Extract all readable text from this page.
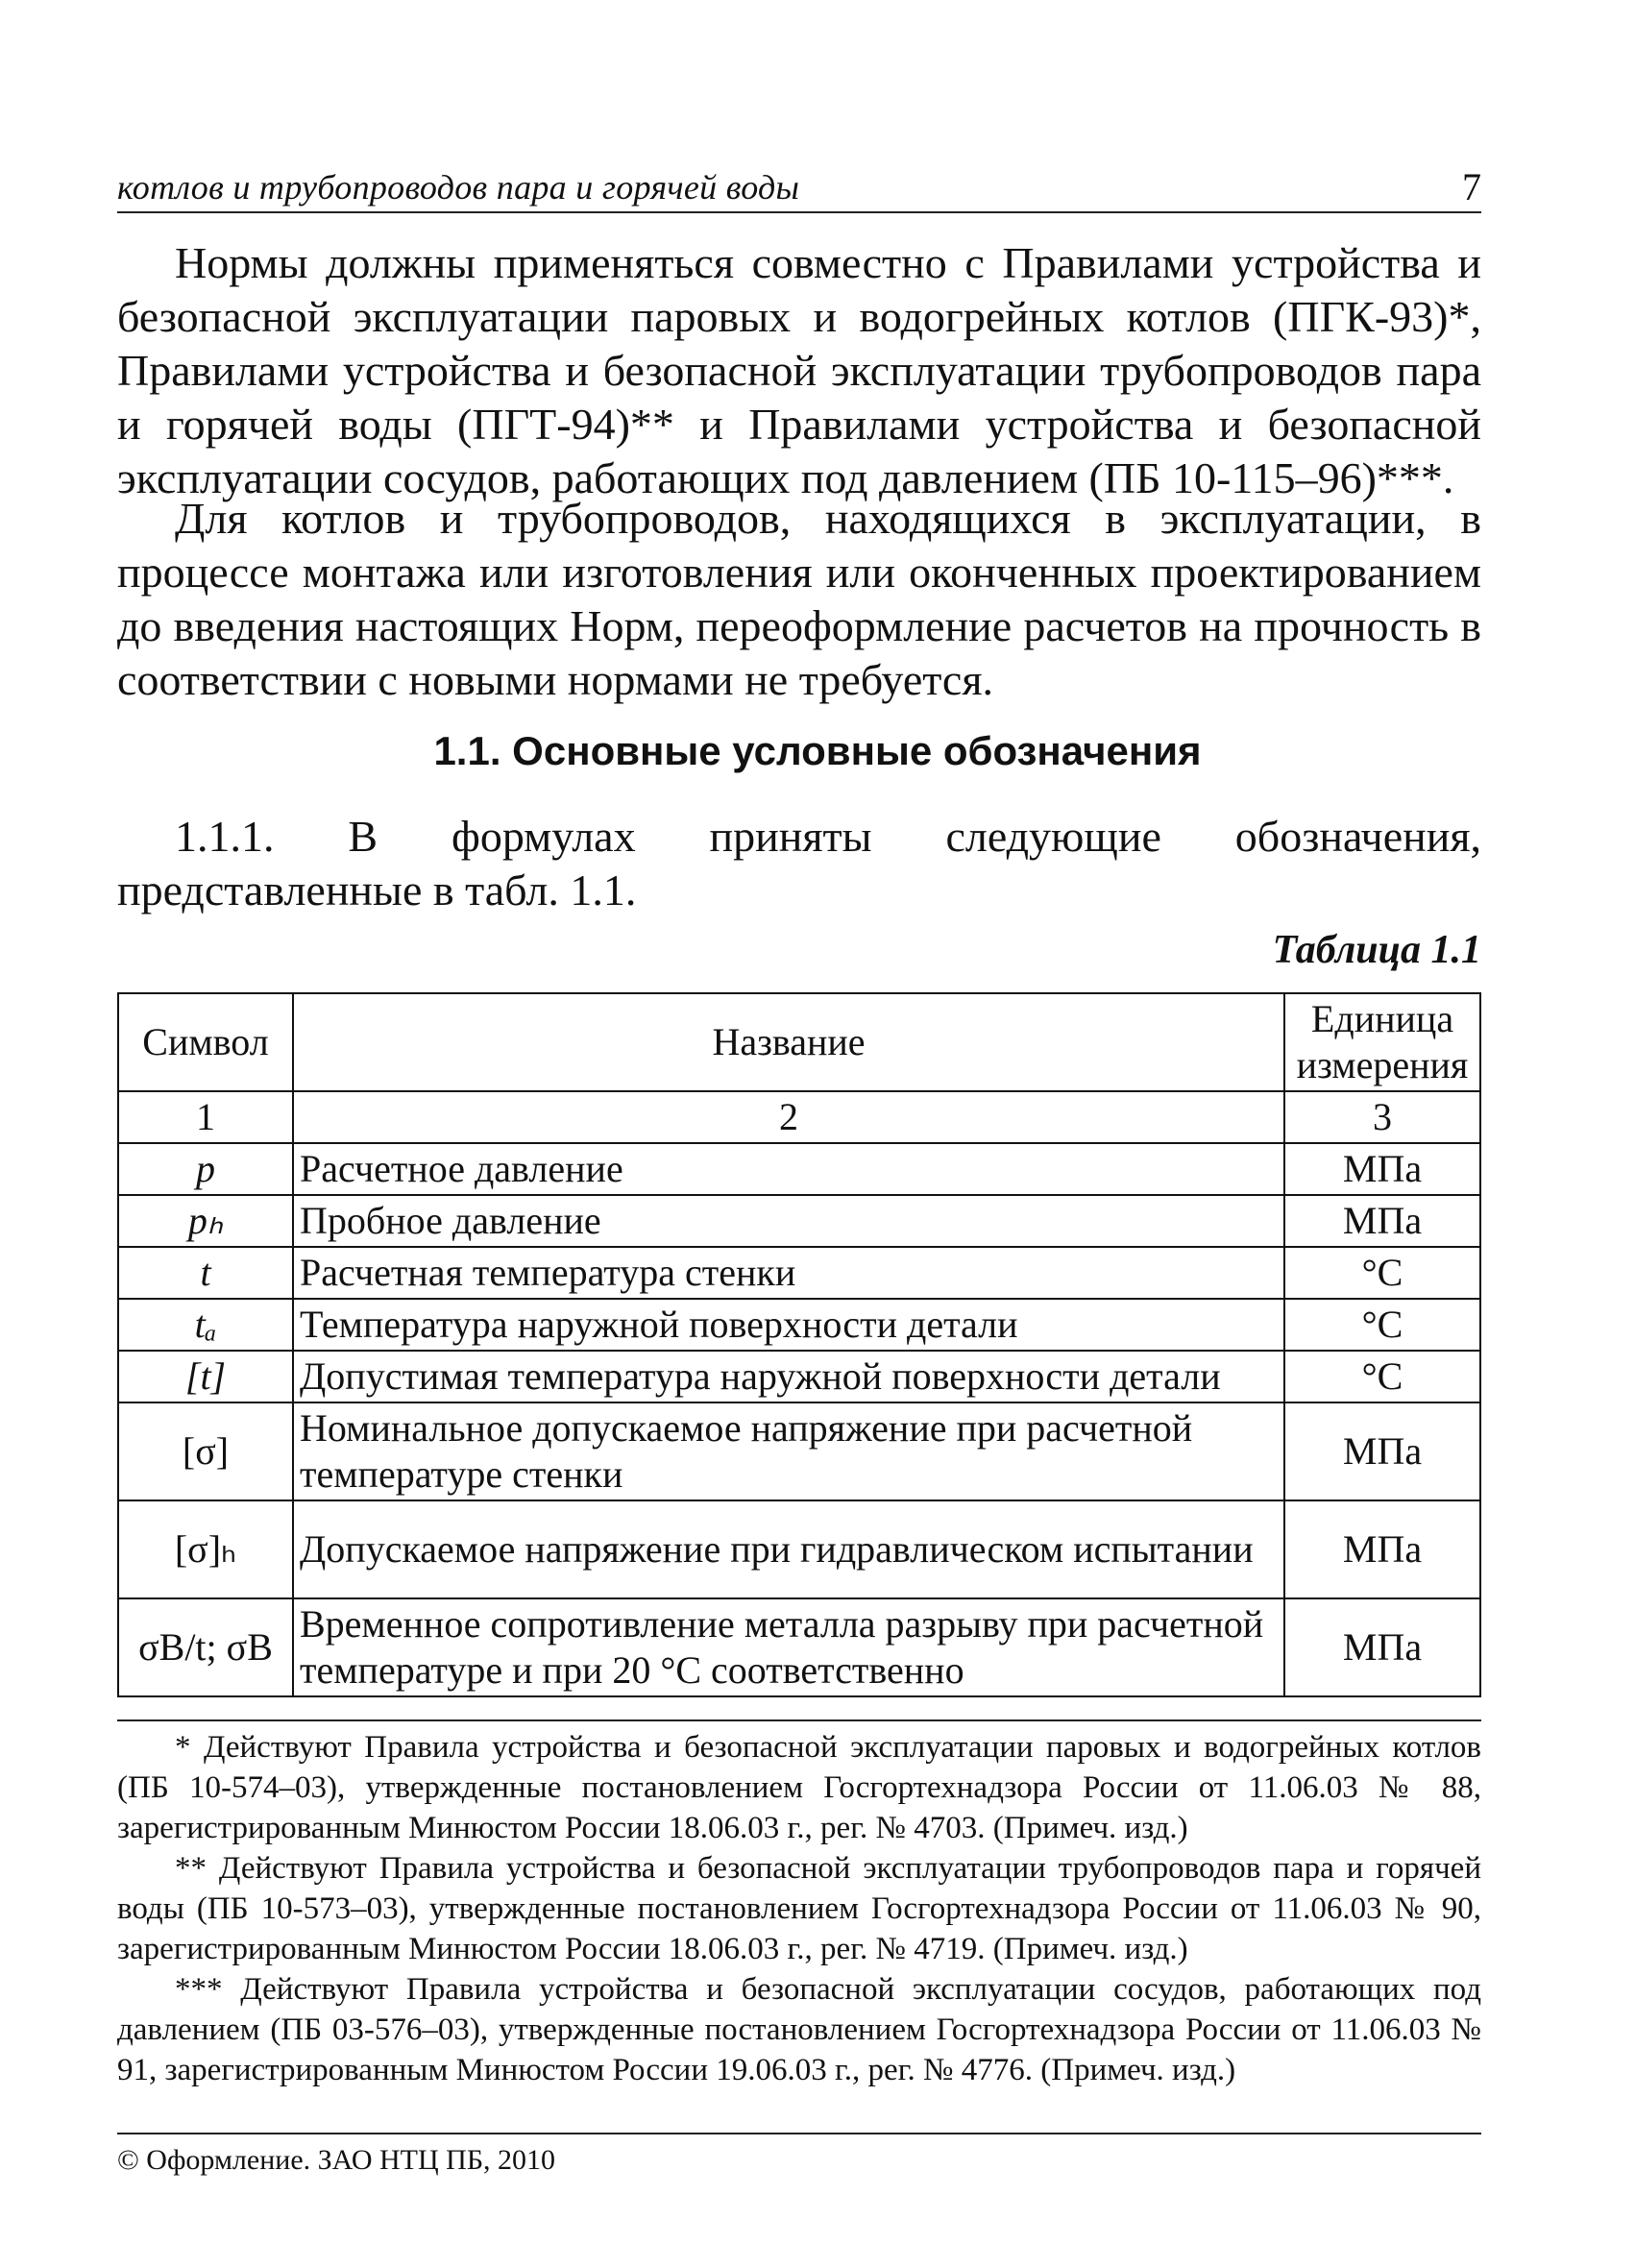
котлов и трубопроводов пара и горячей воды	7

Нормы должны применяться совместно с Правилами устройства и безопасной эксплуатации паровых и водогрейных котлов (ПГК-93)*, Правилами устройства и безопасной эксплуатации трубопроводов пара и горячей воды (ПГТ-94)** и Правилами устройства и безопасной эксплуатации сосудов, работающих под давлением (ПБ 10-115–96)***.

Для котлов и трубопроводов, находящихся в эксплуатации, в процессе монтажа или изготовления или оконченных проектированием до введения настоящих Норм, переоформление расчетов на прочность в соответствии с новыми нормами не требуется.

1.1. Основные условные обозначения

1.1.1. В формулах приняты следующие обозначения, представленные в табл. 1.1.

Таблица 1.1
Символ	Название	Единица измерения
1	2	3
p	Расчетное давление	МПа
pₕ	Пробное давление	МПа
t	Расчетная температура стенки	°С
tₐ	Температура наружной поверхности детали	°С
[t]	Допустимая температура наружной поверхности детали	°С
[σ]	Номинальное допускаемое напряжение при расчетной температуре стенки	МПа
[σ]ₕ	Допускаемое напряжение при гидравлическом испытании	МПа
σB/t; σB	Временное сопротивление металла разрыву при расчетной температуре и при 20 °С соответственно	МПа

* Действуют Правила устройства и безопасной эксплуатации паровых и водогрейных котлов (ПБ 10-574–03), утвержденные постановлением Госгортехнадзора России от 11.06.03 № 88, зарегистрированным Минюстом России 18.06.03 г., рег. № 4703. (Примеч. изд.)

** Действуют Правила устройства и безопасной эксплуатации трубопроводов пара и горячей воды (ПБ 10-573–03), утвержденные постановлением Госгортехнадзора России от 11.06.03 № 90, зарегистрированным Минюстом России 18.06.03 г., рег. № 4719. (Примеч. изд.)

*** Действуют Правила устройства и безопасной эксплуатации сосудов, работающих под давлением (ПБ 03-576–03), утвержденные постановлением Госгортехнадзора России от 11.06.03 № 91, зарегистрированным Минюстом России 19.06.03 г., рег. № 4776. (Примеч. изд.)

© Оформление. ЗАО НТЦ ПБ, 2010
